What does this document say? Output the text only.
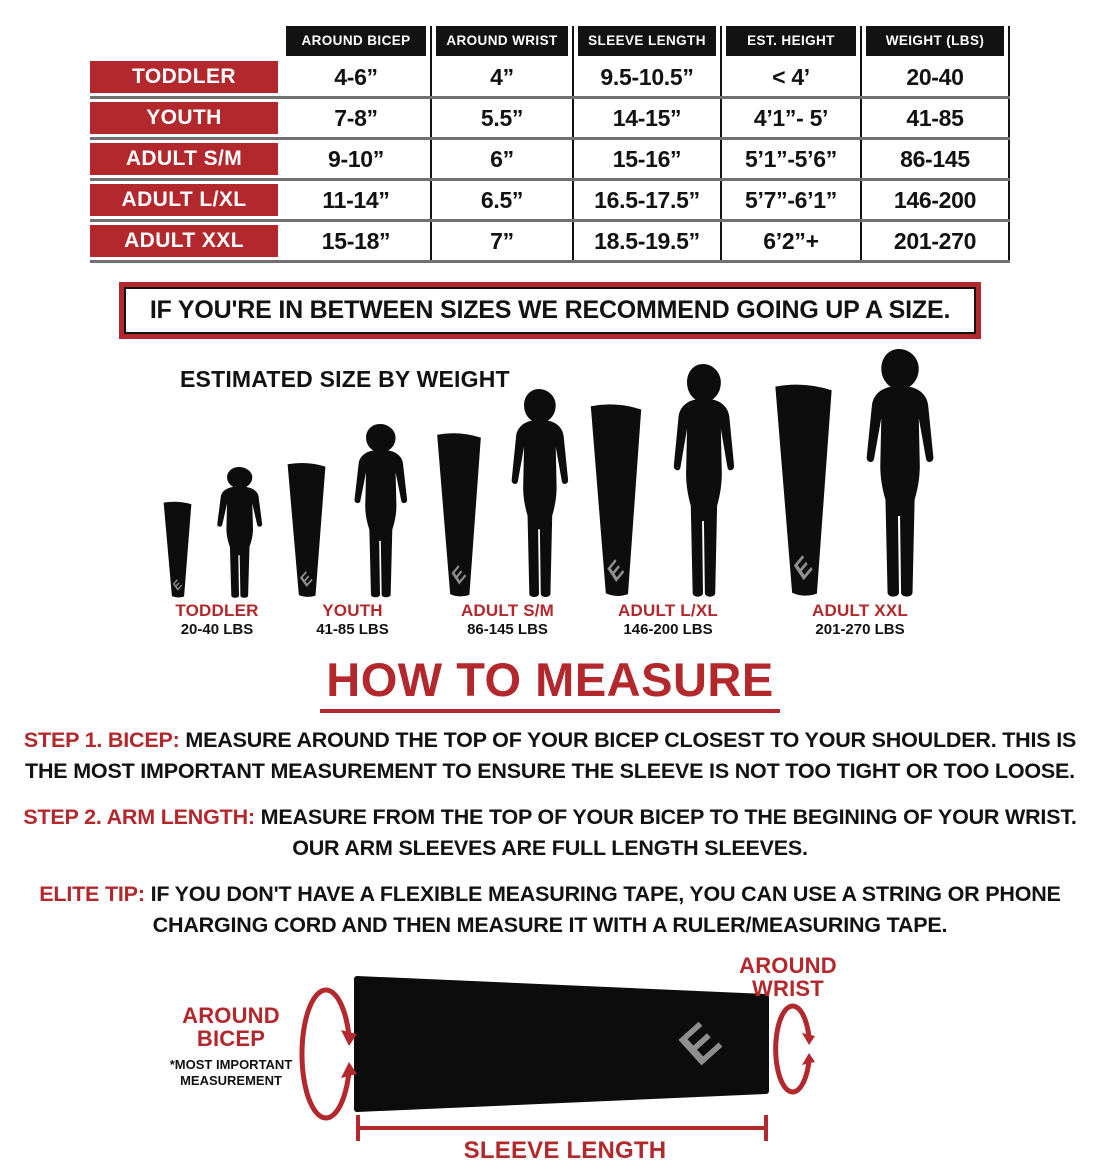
AROUND BICEP	AROUND WRIST	SLEEVE LENGTH	EST. HEIGHT	WEIGHT (LBS)
TODDLER	4-6”	4”	9.5-10.5”	< 4’	20-40
YOUTH	7-8”	5.5”	14-15”	4’1”- 5’	41-85
ADULT S/M	9-10”	6”	15-16”	5’1”-5’6”	86-145
ADULT L/XL	11-14”	6.5”	16.5-17.5”	5’7”-6’1”	146-200
ADULT XXL	15-18”	7”	18.5-19.5”	6’2”+	201-270
IF YOU'RE IN BETWEEN SIZES WE RECOMMEND GOING UP A SIZE.
ESTIMATED SIZE BY WEIGHT
E
TODDLER
20-40 LBS
E
YOUTH
41-85 LBS
E
ADULT S/M
86-145 LBS
E
ADULT L/XL
146-200 LBS
E
ADULT XXL
201-270 LBS
HOW TO MEASURE
STEP 1. BICEP: MEASURE AROUND THE TOP OF YOUR BICEP CLOSEST TO YOUR SHOULDER. THIS IS THE MOST IMPORTANT MEASUREMENT TO ENSURE THE SLEEVE IS NOT TOO TIGHT OR TOO LOOSE.
STEP 2. ARM LENGTH: MEASURE FROM THE TOP OF YOUR BICEP TO THE BEGINING OF YOUR WRIST. OUR ARM SLEEVES ARE FULL LENGTH SLEEVES.
ELITE TIP: IF YOU DON'T HAVE A FLEXIBLE MEASURING TAPE, YOU CAN USE A STRING OR PHONE CHARGING CORD AND THEN MEASURE IT WITH A RULER/MEASURING TAPE.
E
AROUND BICEP
*MOST IMPORTANT MEASUREMENT
AROUND WRIST
SLEEVE LENGTH
